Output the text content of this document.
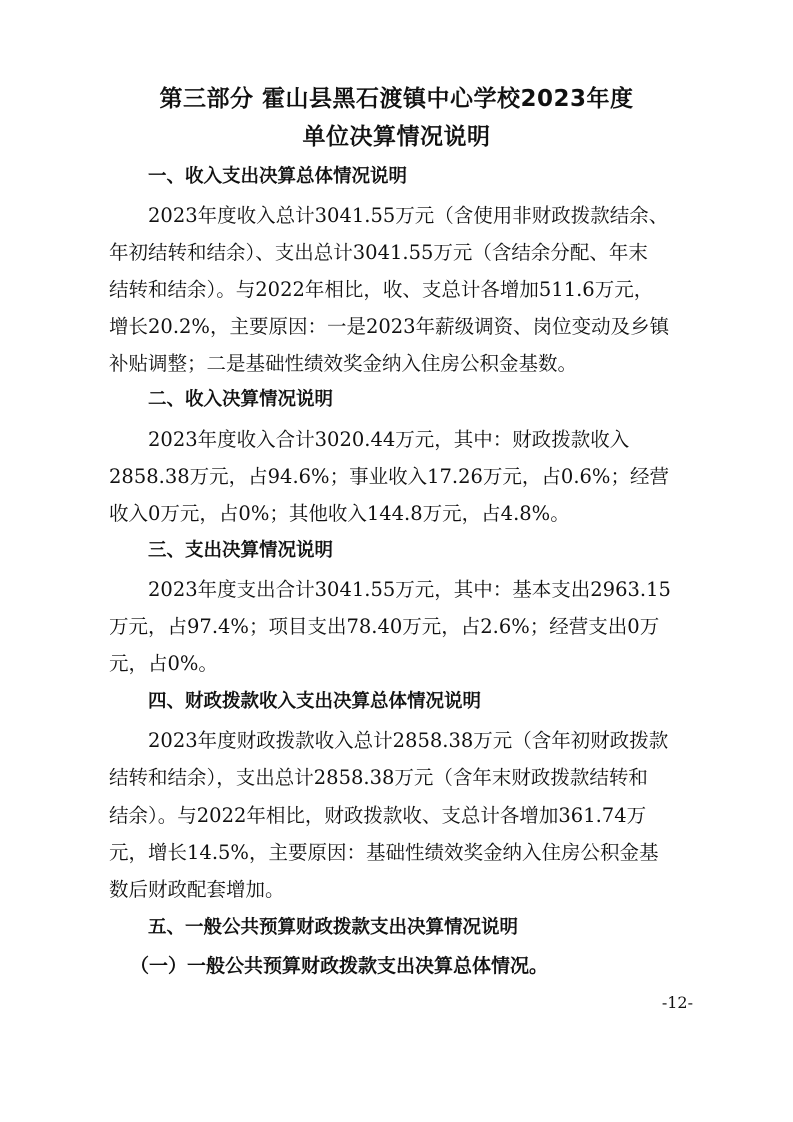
第三部分 霍山县黑石渡镇中心学校2023年度
单位决算情况说明
一、收入支出决算总体情况说明
2023年度收入总计3041.55万元（含使用非财政拨款结余、
年初结转和结余）、支出总计3041.55万元（含结余分配、年末
结转和结余）。与2022年相比，收、支总计各增加511.6万元，
增长20.2%，主要原因：一是2023年薪级调资、岗位变动及乡镇
补贴调整；二是基础性绩效奖金纳入住房公积金基数。
二、收入决算情况说明
2023年度收入合计3020.44万元，其中：财政拨款收入
2858.38万元，占94.6%；事业收入17.26万元，占0.6%；经营
收入0万元，占0%；其他收入144.8万元，占4.8%。
三、支出决算情况说明
2023年度支出合计3041.55万元，其中：基本支出2963.15
万元，占97.4%；项目支出78.40万元，占2.6%；经营支出0万
元，占0%。
四、财政拨款收入支出决算总体情况说明
2023年度财政拨款收入总计2858.38万元（含年初财政拨款
结转和结余），支出总计2858.38万元（含年末财政拨款结转和
结余）。与2022年相比，财政拨款收、支总计各增加361.74万
元，增长14.5%，主要原因：基础性绩效奖金纳入住房公积金基
数后财政配套增加。
五、一般公共预算财政拨款支出决算情况说明
（一）一般公共预算财政拨款支出决算总体情况。
-12-
